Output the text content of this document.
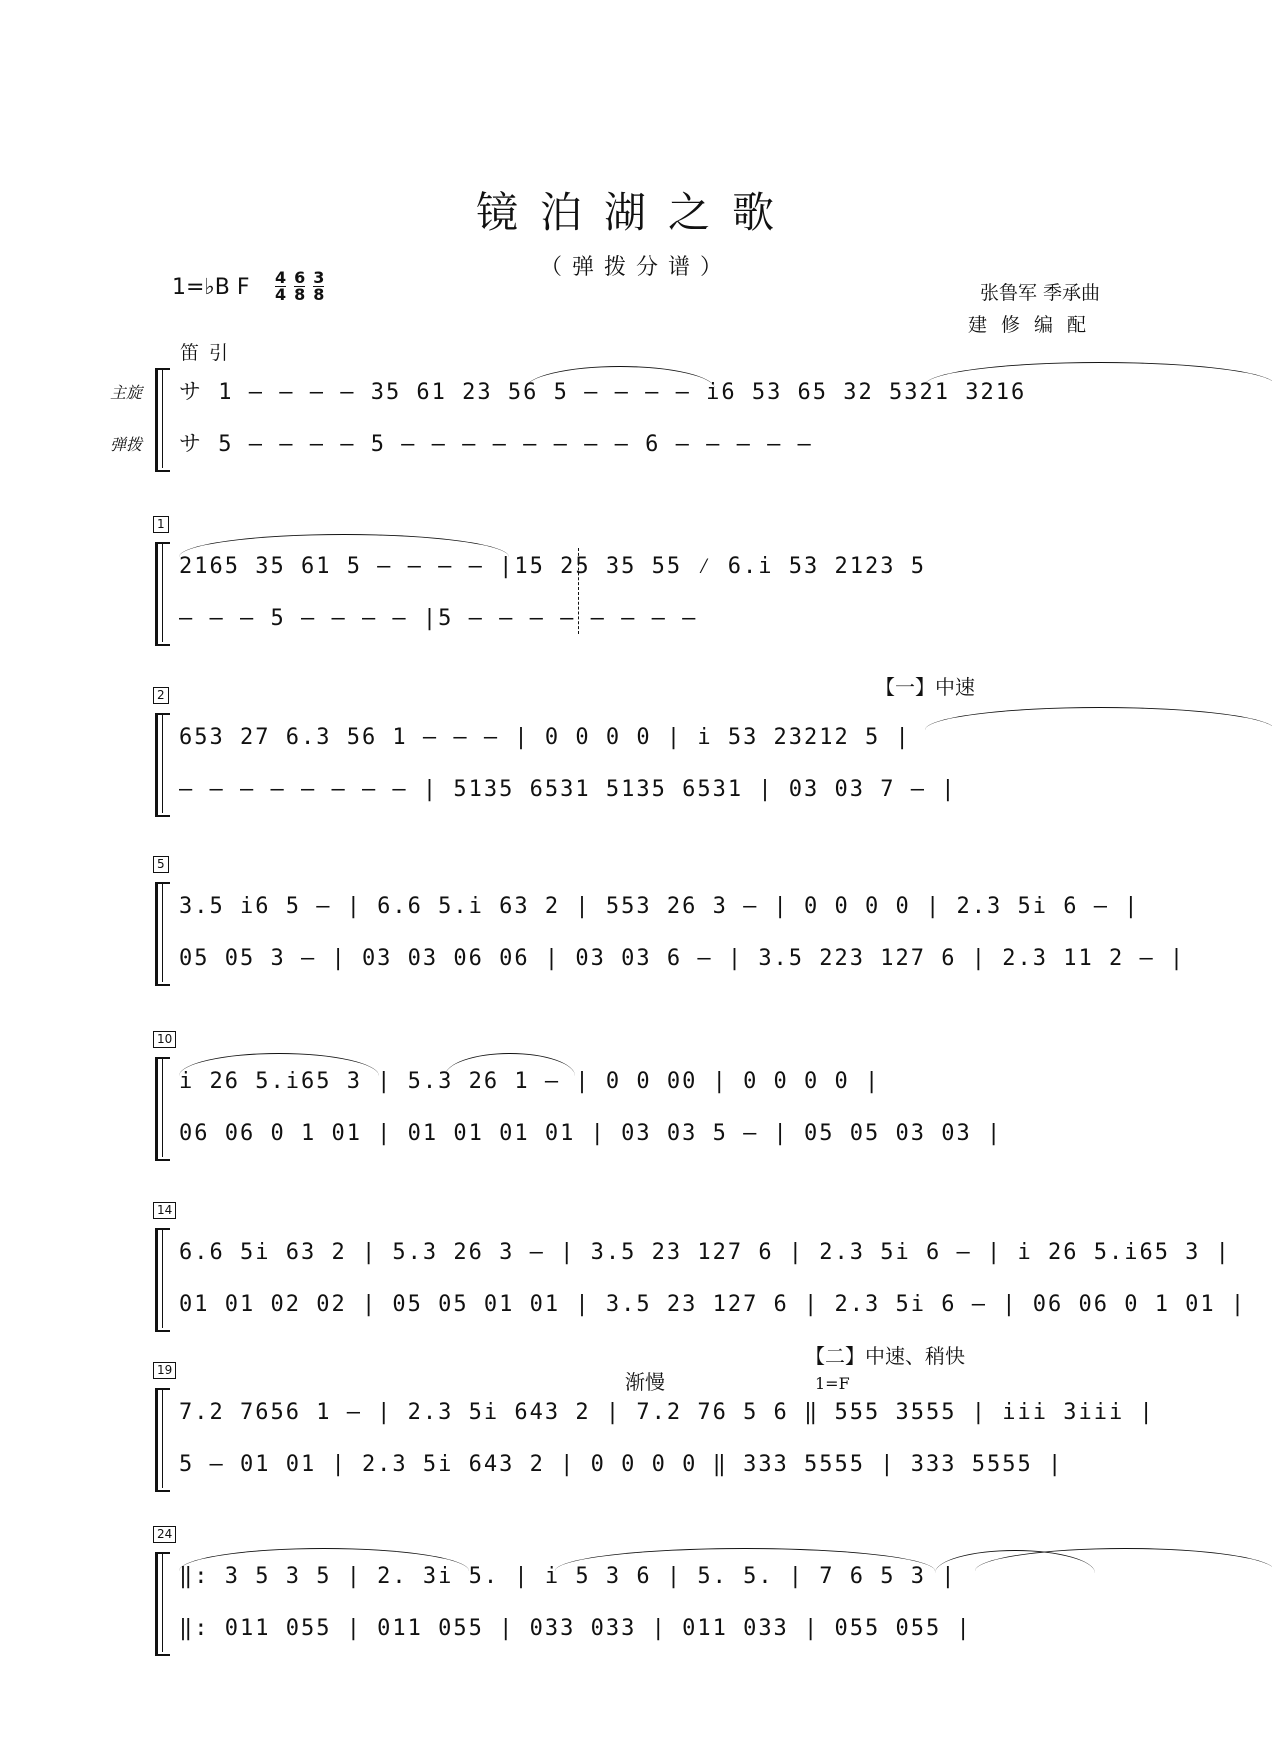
镜泊湖之歌
（弹拨分谱）
1=♭B F $\frac{4}{4} \frac{6}{8} \frac{3}{8}$	张鲁军 季承曲
建修编配
笛引
主旋
弹拨
サ 1 ‒ ‒ ‒ ‒ 35 61 23 56 5 ‒ ‒ ‒ ‒ i6 53 65 32 5321 3216
サ 5 ‒ ‒ ‒ ‒ 5 ‒ ‒ ‒ ‒ ‒ ‒ ‒ ‒ 6 ‒ ‒ ‒ ‒ ‒
1
2165 35 61 5 ‒ ‒ ‒ ‒ |15 25 35 55 ⁄ 6.i 53 2123 5
‒ ‒ ‒ 5 ‒ ‒ ‒ ‒ |5 ‒ ‒ ‒ ‒ ‒ ‒ ‒ ‒
2	【一】中速
653 27 6.3 56 1 ‒ ‒ ‒ | 0 0 0 0 | i 53 23212 5 |
‒ ‒ ‒ ‒ ‒ ‒ ‒ ‒ | 5135 6531 5135 6531 | 03 03 7 ‒ |
5
3.5 i6 5 ‒ | 6.6 5.i 63 2 | 553 26 3 ‒ | 0 0 0 0 | 2.3 5i 6 ‒ |
05 05 3 ‒ | 03 03 06 06 | 03 03 6 ‒ | 3.5 223 127 6 | 2.3 11 2 ‒ |
10
i 26 5.i65 3 | 5.3 26 1 ‒ | 0 0 00 | 0 0 0 0 |
06 06 0 1 01 | 01 01 01 01 | 03 03 5 ‒ | 05 05 03 03 |
14
6.6 5i 63 2 | 5.3 26 3 ‒ | 3.5 23 127 6 | 2.3 5i 6 ‒ | i 26 5.i65 3 |
01 01 02 02 | 05 05 01 01 | 3.5 23 127 6 | 2.3 5i 6 ‒ | 06 06 0 1 01 |
19
【二】中速、稍快
渐慢	1=F
7.2 7656 1 ‒ | 2.3 5i 643 2 | 7.2 76 5 6 ‖ 555 3555 | iii 3iii |
5 ‒ 01 01 | 2.3 5i 643 2 | 0 0 0 0 ‖ 333 5555 | 333 5555 |
24
‖: 3 5 3 5 | 2. 3i 5. | i 5 3 6 | 5. 5. | 7 6 5 3 |
‖: 011 055 | 011 055 | 033 033 | 011 033 | 055 055 |
